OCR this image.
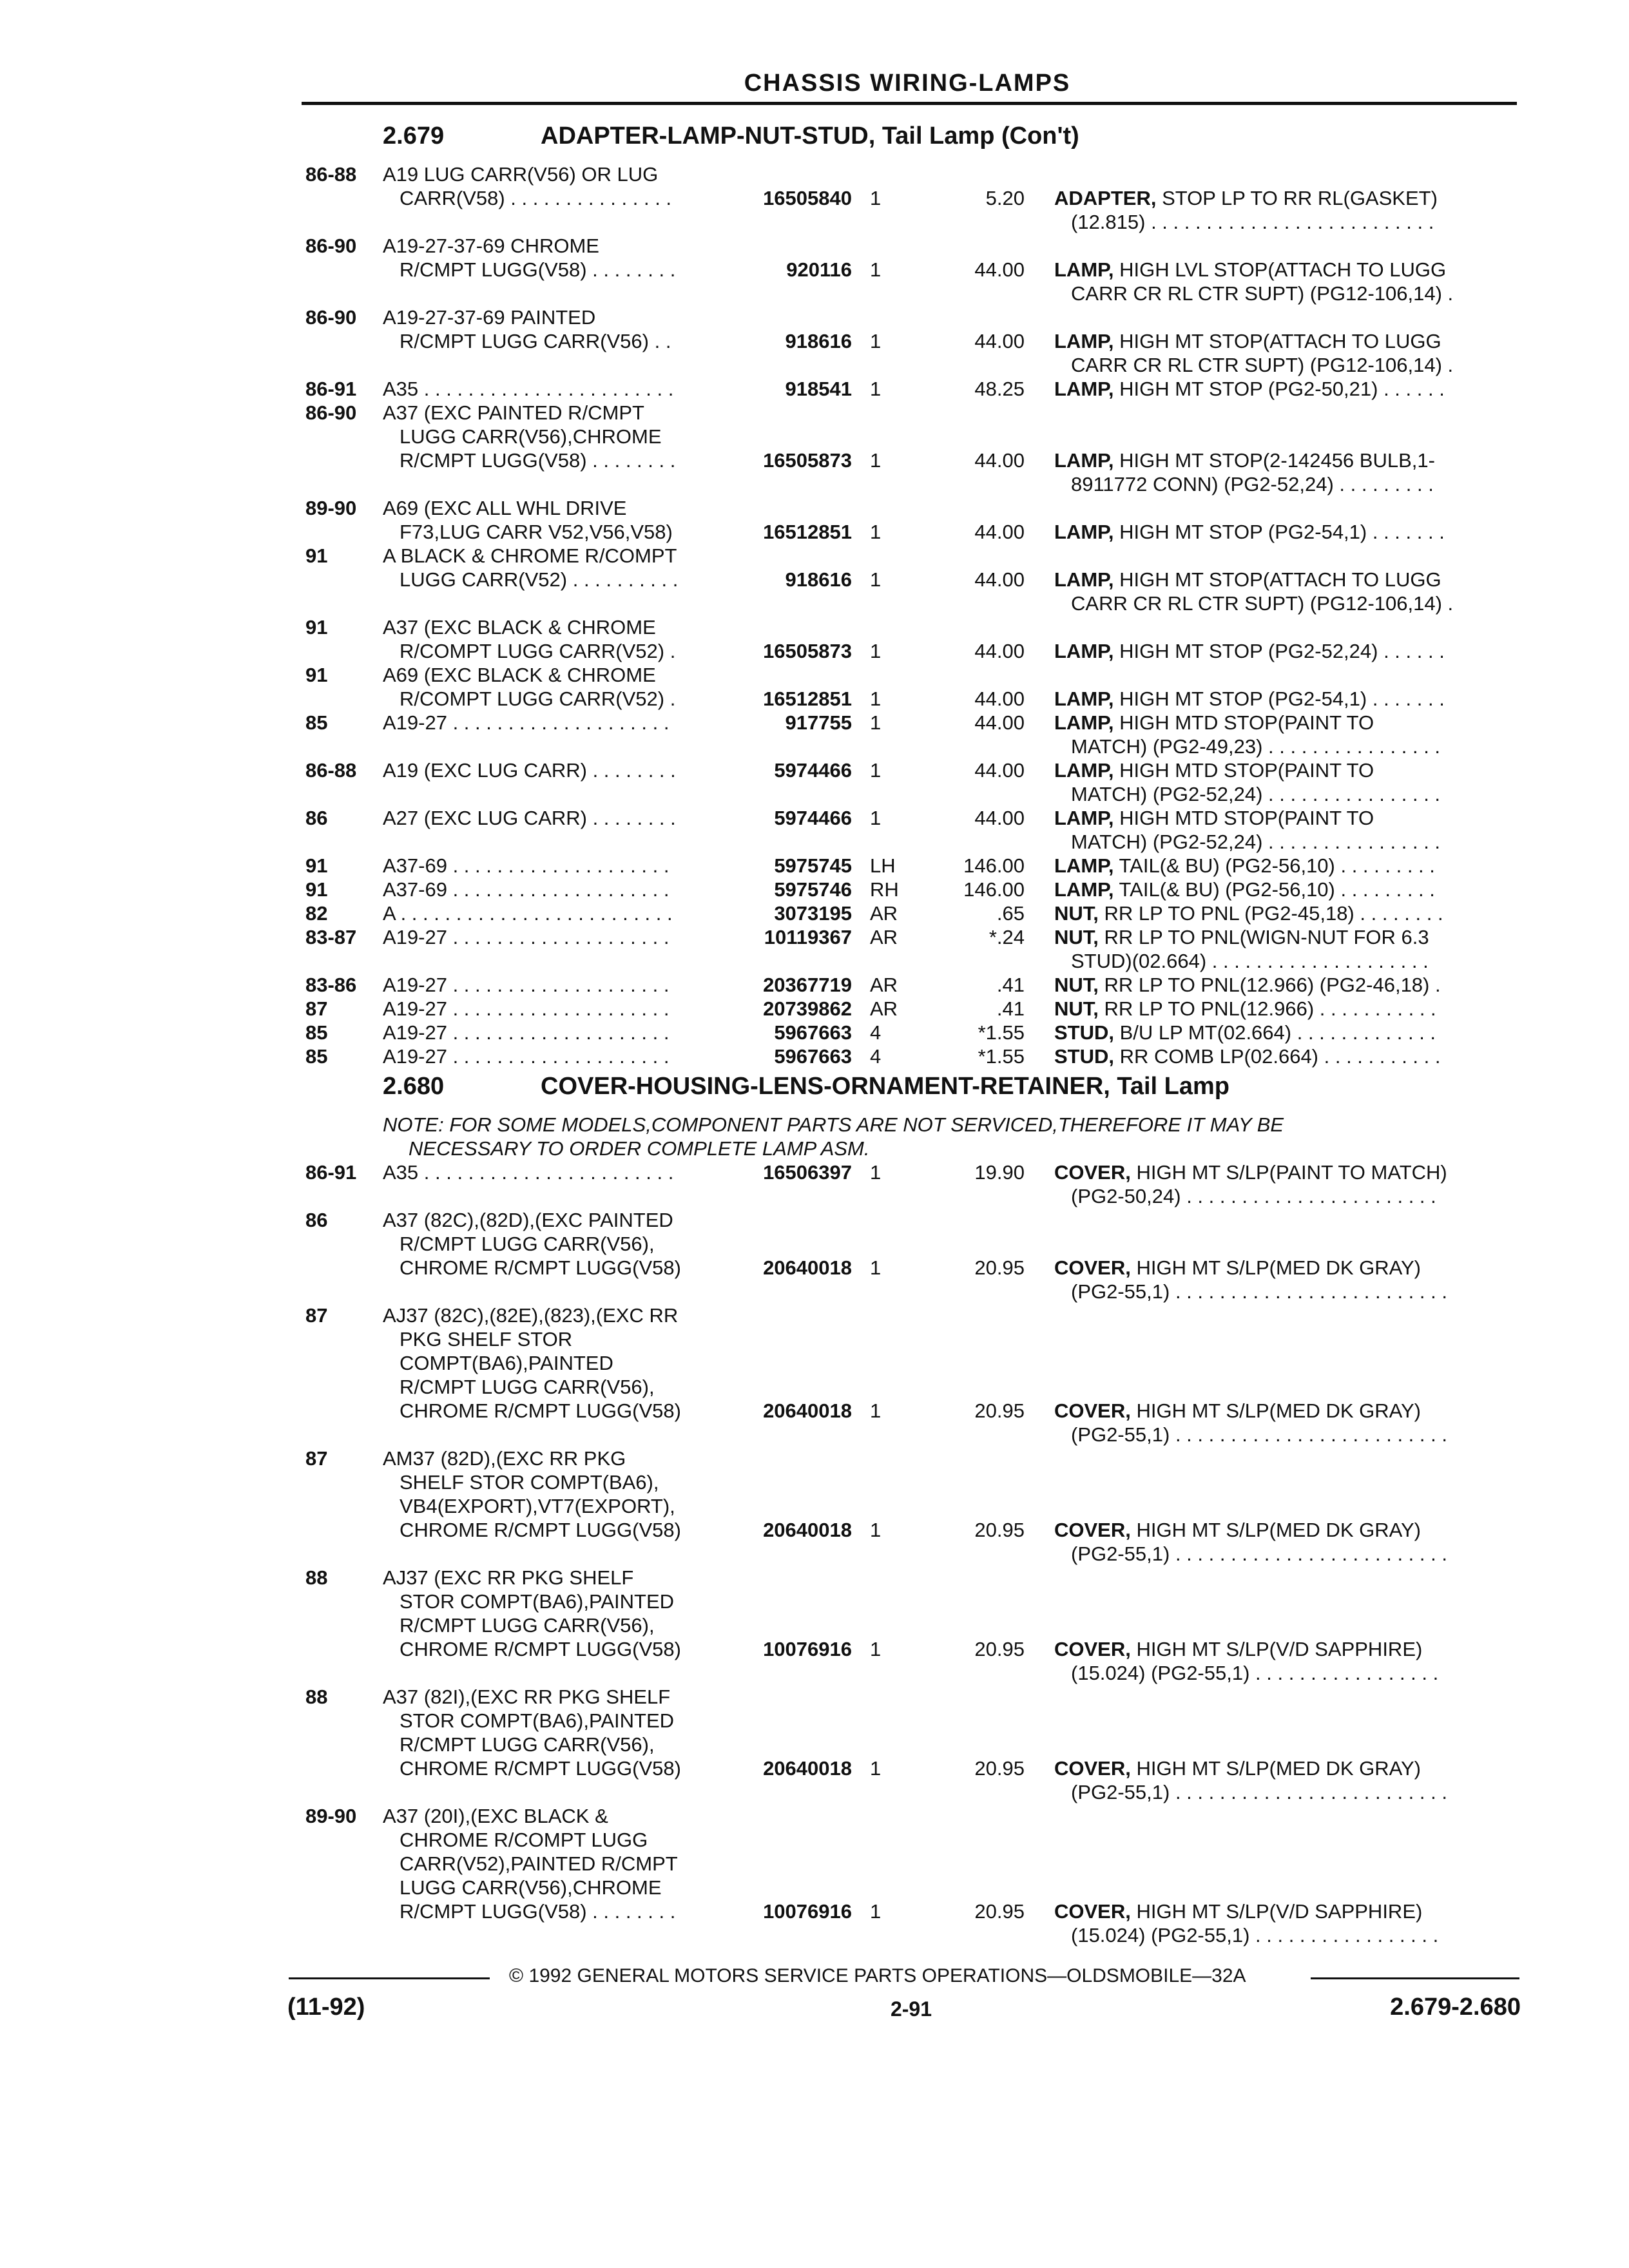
CHASSIS WIRING-LAMPS
2.679	ADAPTER-LAMP-NUT-STUD, Tail Lamp (Con't)
86-88 A19 LUG CARR(V56) OR LUG
CARR(V58) . . . . . . . . . . . . . . .	16505840 1	5.20 ADAPTER, STOP LP TO RR RL(GASKET)
(12.815) . . . . . . . . . . . . . . . . . . . . . . . . . .
86-90 A19-27-37-69 CHROME
R/CMPT LUGG(V58) . . . . . . . .	920116 1	44.00 LAMP, HIGH LVL STOP(ATTACH TO LUGG
CARR CR RL CTR SUPT) (PG12-106,14) .
86-90 A19-27-37-69 PAINTED
R/CMPT LUGG CARR(V56) . .	918616 1	44.00 LAMP, HIGH MT STOP(ATTACH TO LUGG
CARR CR RL CTR SUPT) (PG12-106,14) .
86-91 A35 . . . . . . . . . . . . . . . . . . . . . . .	918541 1	48.25 LAMP, HIGH MT STOP (PG2-50,21) . . . . . .
86-90 A37 (EXC PAINTED R/CMPT
LUGG CARR(V56),CHROME
R/CMPT LUGG(V58) . . . . . . . .	16505873 1	44.00 LAMP, HIGH MT STOP(2-142456 BULB,1-
8911772 CONN) (PG2-52,24) . . . . . . . . .
89-90 A69 (EXC ALL WHL DRIVE
F73,LUG CARR V52,V56,V58)	16512851 1	44.00 LAMP, HIGH MT STOP (PG2-54,1) . . . . . . .
91	A BLACK & CHROME R/COMPT
LUGG CARR(V52) . . . . . . . . . .	918616 1	44.00 LAMP, HIGH MT STOP(ATTACH TO LUGG
CARR CR RL CTR SUPT) (PG12-106,14) .
91	A37 (EXC BLACK & CHROME
R/COMPT LUGG CARR(V52) .	16505873 1	44.00 LAMP, HIGH MT STOP (PG2-52,24) . . . . . .
91	A69 (EXC BLACK & CHROME
R/COMPT LUGG CARR(V52) .	16512851 1	44.00 LAMP, HIGH MT STOP (PG2-54,1) . . . . . . .
85	A19-27 . . . . . . . . . . . . . . . . . . . .	917755 1	44.00 LAMP, HIGH MTD STOP(PAINT TO
MATCH) (PG2-49,23) . . . . . . . . . . . . . . . .
86-88 A19 (EXC LUG CARR) . . . . . . . .	5974466 1	44.00 LAMP, HIGH MTD STOP(PAINT TO
MATCH) (PG2-52,24) . . . . . . . . . . . . . . . .
86	A27 (EXC LUG CARR) . . . . . . . .	5974466 1	44.00 LAMP, HIGH MTD STOP(PAINT TO
MATCH) (PG2-52,24) . . . . . . . . . . . . . . . .
91	A37-69 . . . . . . . . . . . . . . . . . . . .	5975745 LH	146.00 LAMP, TAIL(& BU) (PG2-56,10) . . . . . . . . .
91	A37-69 . . . . . . . . . . . . . . . . . . . .	5975746 RH	146.00 LAMP, TAIL(& BU) (PG2-56,10) . . . . . . . . .
82	A . . . . . . . . . . . . . . . . . . . . . . . . .	3073195 AR	.65 NUT, RR LP TO PNL (PG2-45,18) . . . . . . . .
83-87 A19-27 . . . . . . . . . . . . . . . . . . . .	10119367 AR	*.24 NUT, RR LP TO PNL(WIGN-NUT FOR 6.3
STUD)(02.664) . . . . . . . . . . . . . . . . . . . .
83-86 A19-27 . . . . . . . . . . . . . . . . . . . .	20367719 AR	.41 NUT, RR LP TO PNL(12.966) (PG2-46,18) .
87	A19-27 . . . . . . . . . . . . . . . . . . . .	20739862 AR	.41 NUT, RR LP TO PNL(12.966) . . . . . . . . . . .
85	A19-27 . . . . . . . . . . . . . . . . . . . .	5967663 4	*1.55 STUD, B/U LP MT(02.664) . . . . . . . . . . . . .
85	A19-27 . . . . . . . . . . . . . . . . . . . .	5967663 4	*1.55 STUD, RR COMB LP(02.664) . . . . . . . . . . .
2.680	COVER-HOUSING-LENS-ORNAMENT-RETAINER, Tail Lamp
NOTE: FOR SOME MODELS,COMPONENT PARTS ARE NOT SERVICED,THEREFORE IT MAY BE
NECESSARY TO ORDER COMPLETE LAMP ASM.
86-91 A35 . . . . . . . . . . . . . . . . . . . . . . .	16506397 1	19.90 COVER, HIGH MT S/LP(PAINT TO MATCH)
(PG2-50,24) . . . . . . . . . . . . . . . . . . . . . . .
86	A37 (82C),(82D),(EXC PAINTED
R/CMPT LUGG CARR(V56),
CHROME R/CMPT LUGG(V58)	20640018 1	20.95 COVER, HIGH MT S/LP(MED DK GRAY)
(PG2-55,1) . . . . . . . . . . . . . . . . . . . . . . . . .
87	AJ37 (82C),(82E),(823),(EXC RR
PKG SHELF STOR
COMPT(BA6),PAINTED
R/CMPT LUGG CARR(V56),
CHROME R/CMPT LUGG(V58)	20640018 1	20.95 COVER, HIGH MT S/LP(MED DK GRAY)
(PG2-55,1) . . . . . . . . . . . . . . . . . . . . . . . . .
87	AM37 (82D),(EXC RR PKG
SHELF STOR COMPT(BA6),
VB4(EXPORT),VT7(EXPORT),
CHROME R/CMPT LUGG(V58)	20640018 1	20.95 COVER, HIGH MT S/LP(MED DK GRAY)
(PG2-55,1) . . . . . . . . . . . . . . . . . . . . . . . . .
88	AJ37 (EXC RR PKG SHELF
STOR COMPT(BA6),PAINTED
R/CMPT LUGG CARR(V56),
CHROME R/CMPT LUGG(V58)	10076916 1	20.95 COVER, HIGH MT S/LP(V/D SAPPHIRE)
(15.024) (PG2-55,1) . . . . . . . . . . . . . . . . .
88	A37 (82I),(EXC RR PKG SHELF
STOR COMPT(BA6),PAINTED
R/CMPT LUGG CARR(V56),
CHROME R/CMPT LUGG(V58)	20640018 1	20.95 COVER, HIGH MT S/LP(MED DK GRAY)
(PG2-55,1) . . . . . . . . . . . . . . . . . . . . . . . . .
89-90 A37 (20I),(EXC BLACK &
CHROME R/COMPT LUGG
CARR(V52),PAINTED R/CMPT
LUGG CARR(V56),CHROME
R/CMPT LUGG(V58) . . . . . . . .	10076916 1	20.95 COVER, HIGH MT S/LP(V/D SAPPHIRE)
(15.024) (PG2-55,1) . . . . . . . . . . . . . . . . .
© 1992 GENERAL MOTORS SERVICE PARTS OPERATIONS—OLDSMOBILE—32A
(11-92)	2-91	2.679-2.680
